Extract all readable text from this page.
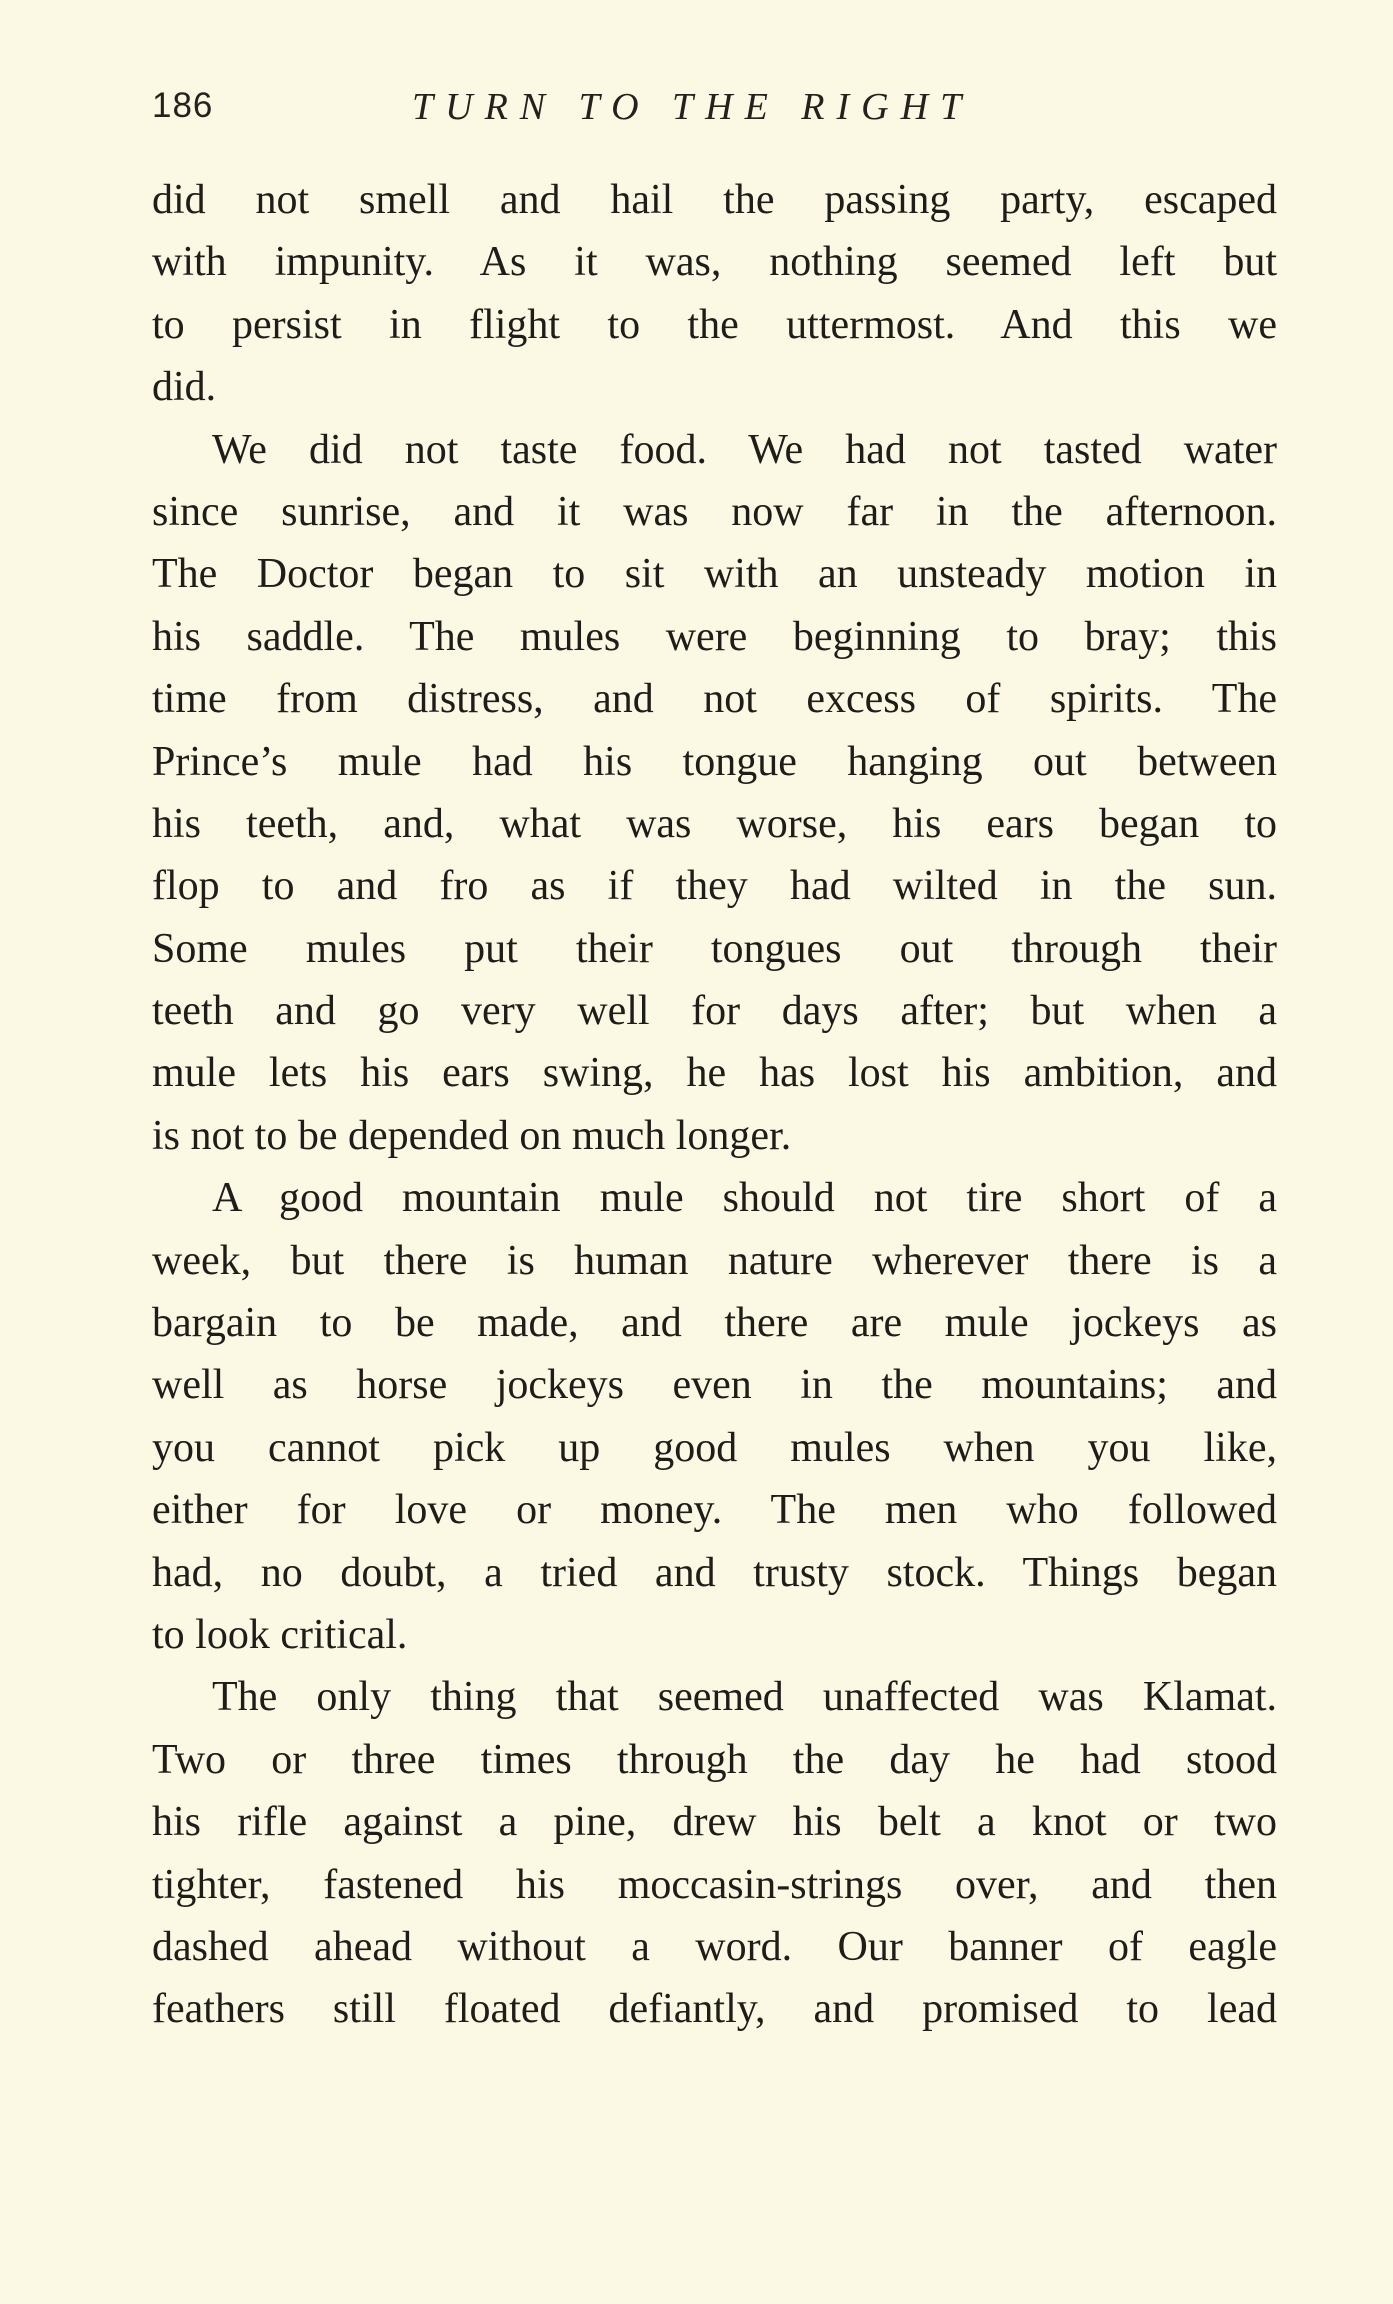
186	TURN TO THE RIGHT
did not smell and hail the passing party, escaped
with impunity. As it was, nothing seemed left but
to persist in flight to the uttermost. And this we
did.
We did not taste food. We had not tasted water
since sunrise, and it was now far in the afternoon.
The Doctor began to sit with an unsteady motion in
his saddle. The mules were beginning to bray; this
time from distress, and not excess of spirits. The
Prince’s mule had his tongue hanging out between
his teeth, and, what was worse, his ears began to
flop to and fro as if they had wilted in the sun.
Some mules put their tongues out through their
teeth and go very well for days after; but when a
mule lets his ears swing, he has lost his ambition, and
is not to be depended on much longer.
A good mountain mule should not tire short of a
week, but there is human nature wherever there is a
bargain to be made, and there are mule jockeys as
well as horse jockeys even in the mountains; and
you cannot pick up good mules when you like,
either for love or money. The men who followed
had, no doubt, a tried and trusty stock. Things began
to look critical.
The only thing that seemed unaffected was Klamat.
Two or three times through the day he had stood
his rifle against a pine, drew his belt a knot or two
tighter, fastened his moccasin-strings over, and then
dashed ahead without a word. Our banner of eagle
feathers still floated defiantly, and promised to lead
